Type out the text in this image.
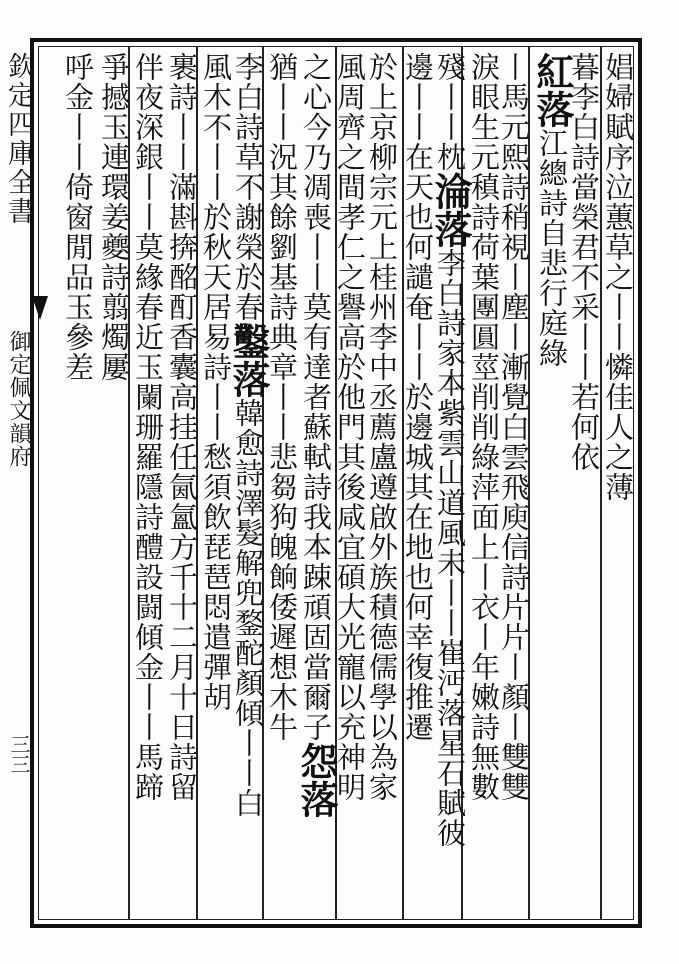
欽定四庫全書
御定佩文韻府
三三
娼婦賦序泣蕙草之丨丨憐佳人之薄
暮李白詩當榮君不采丨丨若何依
紅落江總詩自悲行庭綠
丨馬元熙詩稍視丨塵丨漸覺白雲飛庾信詩片片丨顏丨雙雙
淚眼生元稹詩荷葉團圓莖削削綠萍面上丨衣丨年嫩詩無數
殘丨丨枕淪落李白詩家本紫雲山道風未丨丨崔沔落星石賦彼
邊丨丨在天也何譴奄丨丨於邊城其在地也何幸復推遷
於上京柳宗元上桂州李中丞薦盧遵啟外族積德儒學以為家
風周齊之間孝仁之譽高於他門其後咸宜碩大光寵以充神明
之心今乃凋喪丨丨莫有達者蘇軾詩我本踈頑固當爾子怨落
猶丨丨況其餘劉基詩典章丨丨悲芻狗魄餉倭遲想木牛
李白詩草不謝榮於春鑿落韓愈詩澤髮解兜鍪酡顏傾丨丨白
風木不丨丨於秋天居易詩丨丨愁須飲琵琶悶遣彈胡
裹詩丨丨滿斟捹酩酊香囊高挂任氤氳方千十二月十日詩留
伴夜深銀丨丨莫緣春近玉闌珊羅隱詩醴設闘傾金丨丨馬蹄
爭撼玉連環姜夔詩翦燭屢
呼金丨丨倚窗閒品玉參差
